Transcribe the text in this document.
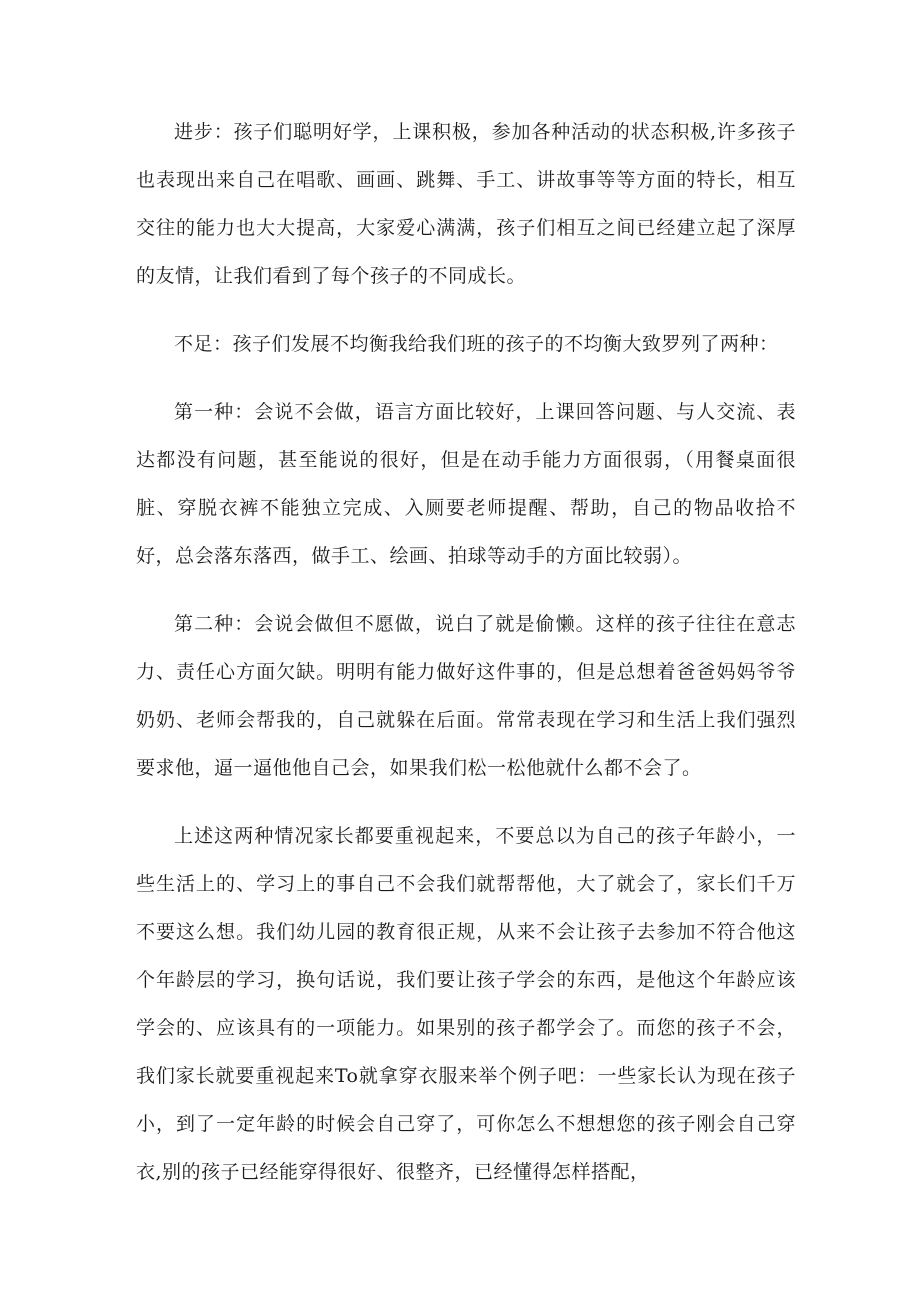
进步：孩子们聪明好学，上课积极，参加各种活动的状态积极,许多孩子也表现出来自己在唱歌、画画、跳舞、手工、讲故事等等方面的特长，相互交往的能力也大大提高，大家爱心满满，孩子们相互之间已经建立起了深厚的友情，让我们看到了每个孩子的不同成长。

不足：孩子们发展不均衡我给我们班的孩子的不均衡大致罗列了两种：

第一种：会说不会做，语言方面比较好，上课回答问题、与人交流、表达都没有问题，甚至能说的很好，但是在动手能力方面很弱，（用餐桌面很脏、穿脱衣裤不能独立完成、入厕要老师提醒、帮助，自己的物品收拾不好，总会落东落西，做手工、绘画、拍球等动手的方面比较弱）。

第二种：会说会做但不愿做，说白了就是偷懒。这样的孩子往往在意志力、责任心方面欠缺。明明有能力做好这件事的，但是总想着爸爸妈妈爷爷奶奶、老师会帮我的，自己就躲在后面。常常表现在学习和生活上我们强烈要求他，逼一逼他他自己会，如果我们松一松他就什么都不会了。

上述这两种情况家长都要重视起来，不要总以为自己的孩子年龄小，一些生活上的、学习上的事自己不会我们就帮帮他，大了就会了，家长们千万不要这么想。我们幼儿园的教育很正规，从来不会让孩子去参加不符合他这个年龄层的学习，换句话说，我们要让孩子学会的东西，是他这个年龄应该学会的、应该具有的一项能力。如果别的孩子都学会了。而您的孩子不会，我们家长就要重视起来To就拿穿衣服来举个例子吧：一些家长认为现在孩子小，到了一定年龄的时候会自己穿了，可你怎么不想想您的孩子刚会自己穿衣,别的孩子已经能穿得很好、很整齐，已经懂得怎样搭配，
